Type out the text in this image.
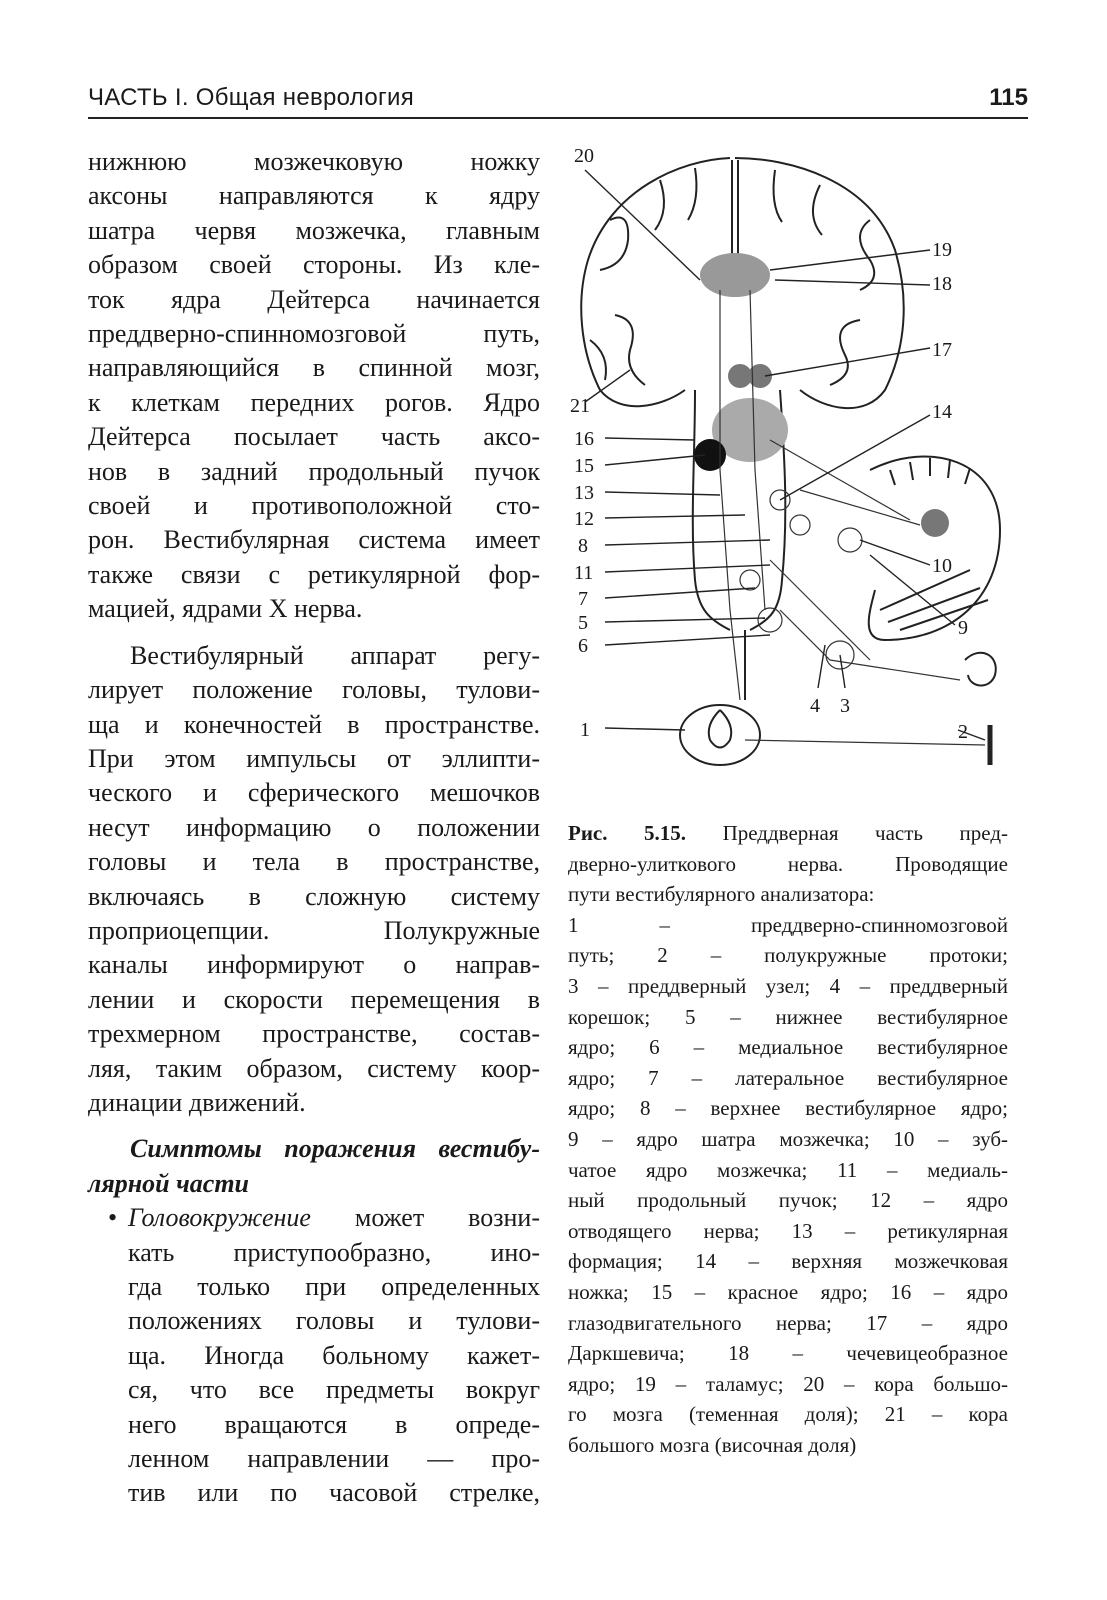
ЧАСТЬ I. Общая неврология	115
нижнюю мозжечковую ножку
аксоны направляются к ядру
шатра червя мозжечка, главным
образом своей стороны. Из кле-
ток ядра Дейтерса начинается
преддверно-спинномозговой путь,
направляющийся в спинной мозг,
к клеткам передних рогов. Ядро
Дейтерса посылает часть аксо-
нов в задний продольный пучок
своей и противоположной сто-
рон. Вестибулярная система имеет
также связи с ретикулярной фор-
мацией, ядрами X нерва.
Вестибулярный аппарат регу-
лирует положение головы, тулови-
ща и конечностей в пространстве.
При этом импульсы от эллипти-
ческого и сферического мешочков
несут информацию о положении
головы и тела в пространстве,
включаясь в сложную систему
проприоцепции. Полукружные
каналы информируют о направ-
лении и скорости перемещения в
трехмерном пространстве, состав-
ляя, таким образом, систему коор-
динации движений.
Симптомы поражения вестибу-
лярной части
• Головокружение может возни-
кать приступообразно, ино-
гда только при определенных
положениях головы и тулови-
ща. Иногда больному кажет-
ся, что все предметы вокруг
него вращаются в опреде-
ленном направлении — про-
тив или по часовой стрелке,
20
19
18
17
21	14
16
15
13
12
8
11	10
7
5	9
6
4 3
1	2
Рис. 5.15. Преддверная часть пред-
дверно-улиткового нерва. Проводящие
пути вестибулярного анализатора:
1 – преддверно-спинномозговой
путь; 2 – полукружные протоки;
3 – преддверный узел; 4 – преддверный
корешок; 5 – нижнее вестибулярное
ядро; 6 – медиальное вестибулярное
ядро; 7 – латеральное вестибулярное
ядро; 8 – верхнее вестибулярное ядро;
9 – ядро шатра мозжечка; 10 – зуб-
чатое ядро мозжечка; 11 – медиаль-
ный продольный пучок; 12 – ядро
отводящего нерва; 13 – ретикулярная
формация; 14 – верхняя мозжечковая
ножка; 15 – красное ядро; 16 – ядро
глазодвигательного нерва; 17 – ядро
Даркшевича; 18 – чечевицеобразное
ядро; 19 – таламус; 20 – кора большо-
го мозга (теменная доля); 21 – кора
большого мозга (височная доля)
